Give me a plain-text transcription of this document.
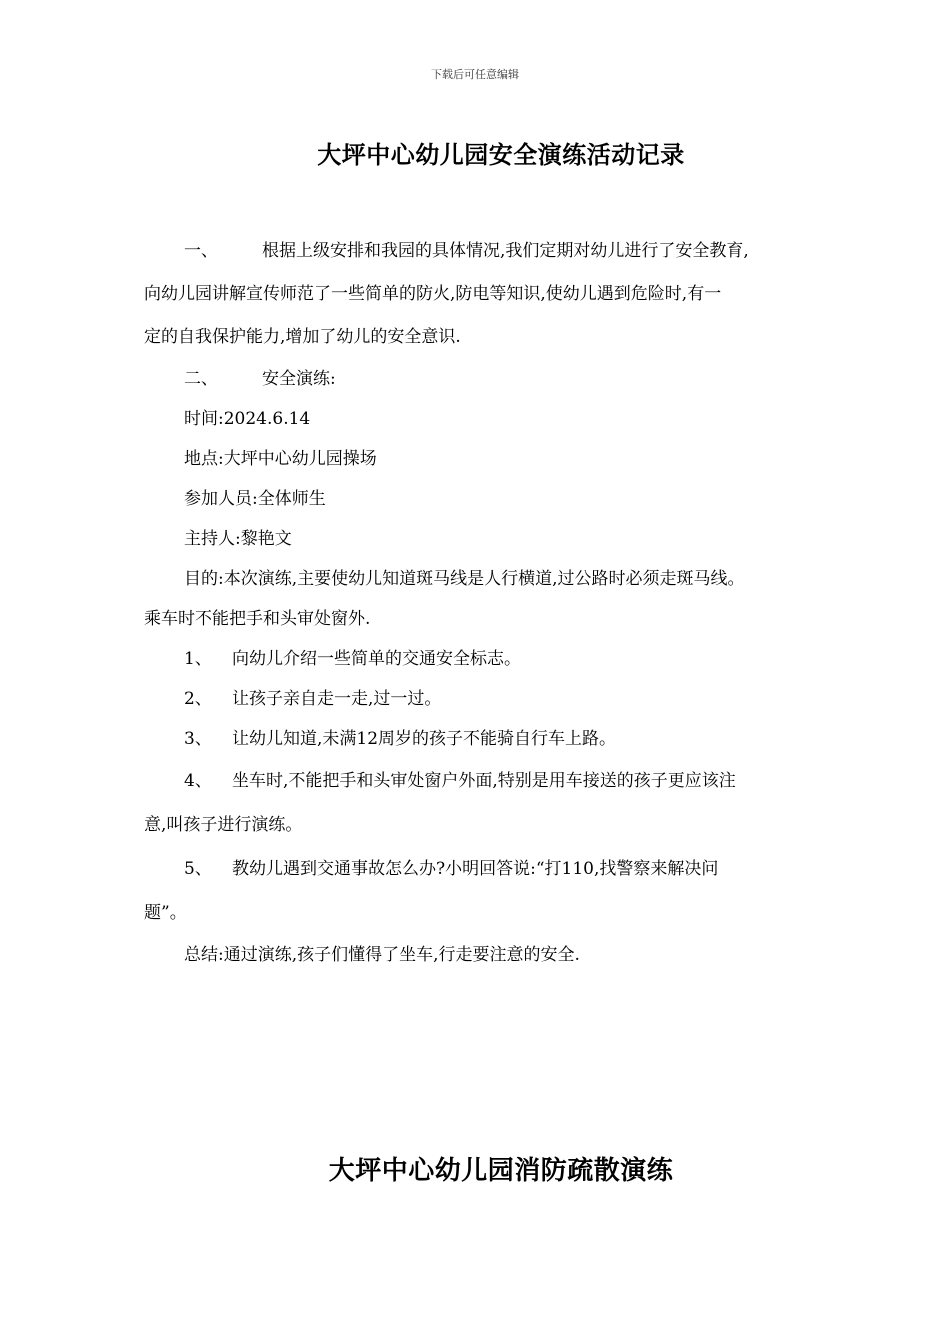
下载后可任意编辑
大坪中心幼儿园安全演练活动记录
一、	根据上级安排和我园的具体情况,我们定期对幼儿进行了安全教育,
向幼儿园讲解宣传师范了一些简单的防火,防电等知识,使幼儿遇到危险时,有一
定的自我保护能力,增加了幼儿的安全意识.
二、	安全演练:
时间:2024.6.14
地点:大坪中心幼儿园操场
参加人员:全体师生
主持人:黎艳文
目的:本次演练,主要使幼儿知道斑马线是人行横道,过公路时必须走斑马线。
乘车时不能把手和头审处窗外.
1、 向幼儿介绍一些简单的交通安全标志。
2、 让孩子亲自走一走,过一过。
3、 让幼儿知道,未满12周岁的孩子不能骑自行车上路。
4、 坐车时,不能把手和头审处窗户外面,特别是用车接送的孩子更应该注
意,叫孩子进行演练。
5、 教幼儿遇到交通事故怎么办?小明回答说:“打110,找警察来解决问
题”。
总结:通过演练,孩子们懂得了坐车,行走要注意的安全.
大坪中心幼儿园消防疏散演练
